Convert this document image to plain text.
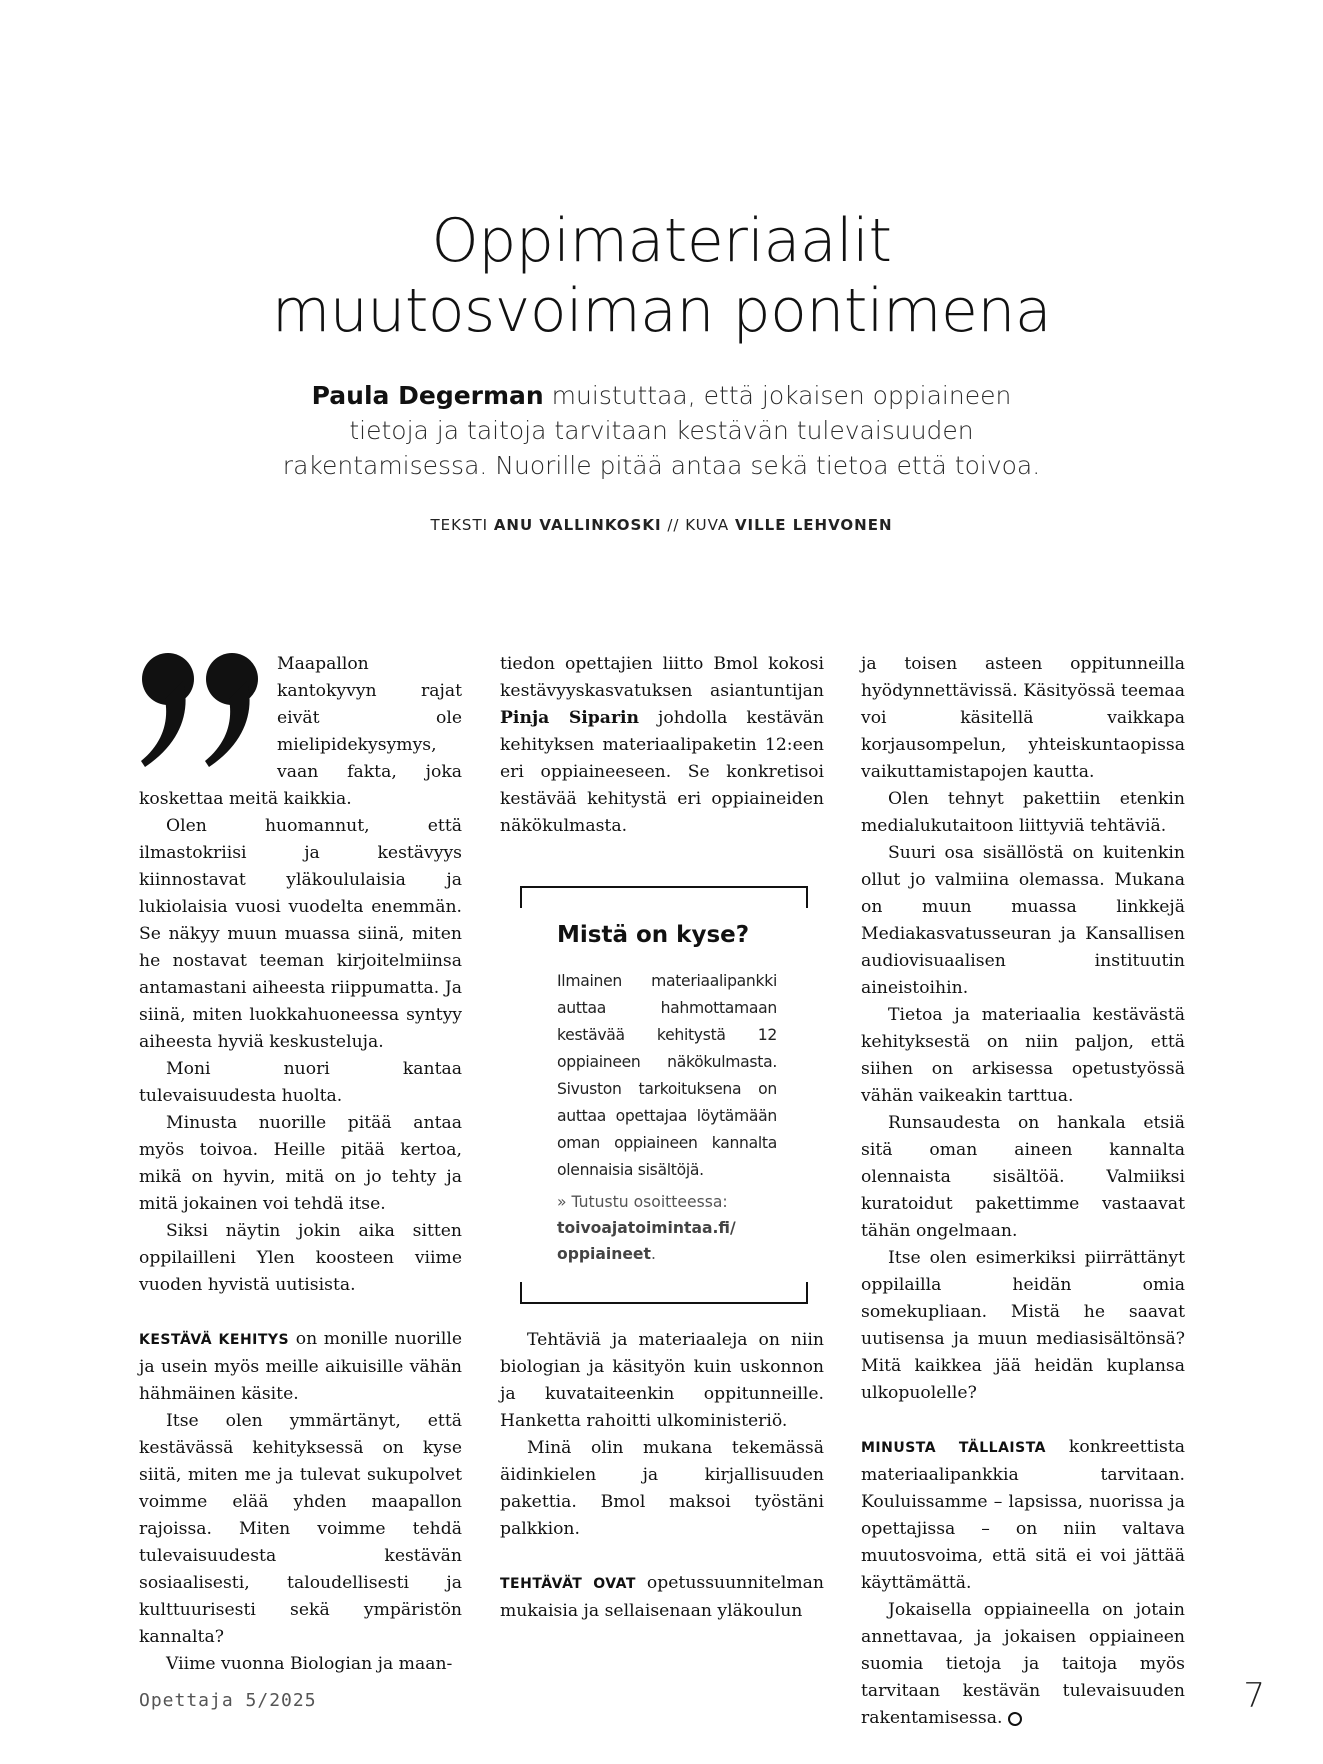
Oppimateriaalit
muutosvoiman pontimena
Paula Degerman muistuttaa, että jokaisen oppiaineen tietoja ja taitoja tarvitaan kestävän tulevaisuuden rakentamisessa. Nuorille pitää antaa sekä tietoa että toivoa.
TEKSTI ANU VALLINKOSKI // KUVA VILLE LEHVONEN

Maapallon kantokyvyn rajat eivät ole mielipidekysymys, vaan fakta, joka koskettaa meitä kaikkia.

Olen huomannut, että ilmastokriisi ja kestävyys kiinnostavat yläkoululaisia ja lukiolaisia vuosi vuodelta enemmän. Se näkyy muun muassa siinä, miten he nostavat teeman kirjoitelmiinsa antamastani aiheesta riippumatta. Ja siinä, miten luokkahuoneessa syntyy aiheesta hyviä keskusteluja.

Moni nuori kantaa tulevaisuudesta huolta.

Minusta nuorille pitää antaa myös toivoa. Heille pitää kertoa, mikä on hyvin, mitä on jo tehty ja mitä jokainen voi tehdä itse.

Siksi näytin jokin aika sitten oppilailleni Ylen koosteen viime vuoden hyvistä uutisista.

KESTÄVÄ KEHITYS on monille nuorille ja usein myös meille aikuisille vähän hähmäinen käsite.

Itse olen ymmärtänyt, että kestävässä kehityksessä on kyse siitä, miten me ja tulevat sukupolvet voimme elää yhden maapallon rajoissa. Miten voimme tehdä tulevaisuudesta kestävän sosiaalisesti, taloudellisesti ja kulttuurisesti sekä ympäristön kannalta?

Viime vuonna Biologian ja maan-

tiedon opettajien liitto Bmol kokosi kestävyyskasvatuksen asiantuntijan Pinja Siparin johdolla kestävän kehityksen materiaalipaketin 12:een eri oppiaineeseen. Se konkretisoi kestävää kehitystä eri oppiaineiden näkökulmasta.

Mistä on kyse?
Ilmainen materiaalipankki auttaa hahmottamaan kestävää kehitystä 12 oppiaineen näkökulmasta. Sivuston tarkoituksena on auttaa opettajaa löytämään oman oppiaineen kannalta olennaisia sisältöjä.
» Tutustu osoitteessa:
toivoajatoimintaa.fi/ oppiaineet.

Tehtäviä ja materiaaleja on niin biologian ja käsityön kuin uskonnon ja kuvataiteenkin oppitunneille. Hanketta rahoitti ulkoministeriö.

Minä olin mukana tekemässä äidinkielen ja kirjallisuuden pakettia. Bmol maksoi työstäni palkkion.

TEHTÄVÄT OVAT opetussuunnitelman mukaisia ja sellaisenaan yläkoulun

ja toisen asteen oppitunneilla hyödynnettävissä. Käsityössä teemaa voi käsitellä vaikkapa korjausompelun, yhteiskuntaopissa vaikuttamistapojen kautta.

Olen tehnyt pakettiin etenkin medialukutaitoon liittyviä tehtäviä.

Suuri osa sisällöstä on kuitenkin ollut jo valmiina olemassa. Mukana on muun muassa linkkejä Mediakasvatusseuran ja Kansallisen audiovisuaalisen instituutin aineistoihin.

Tietoa ja materiaalia kestävästä kehityksestä on niin paljon, että siihen on arkisessa opetustyössä vähän vaikeakin tarttua.

Runsaudesta on hankala etsiä sitä oman aineen kannalta olennaista sisältöä. Valmiiksi kuratoidut pakettimme vastaavat tähän ongelmaan.

Itse olen esimerkiksi piirrättänyt oppilailla heidän omia somekupliaan. Mistä he saavat uutisensa ja muun mediasisältönsä? Mitä kaikkea jää heidän kuplansa ulkopuolelle?

MINUSTA TÄLLAISTA konkreettista materiaalipankkia tarvitaan. Kouluissamme – lapsissa, nuorissa ja opettajissa – on niin valtava muutosvoima, että sitä ei voi jättää käyttämättä.

Jokaisella oppiaineella on jotain annettavaa, ja jokaisen oppiaineen suomia tietoja ja taitoja myös tarvitaan kestävän tulevaisuuden rakentamisessa.

Opettaja 5/2025	7
